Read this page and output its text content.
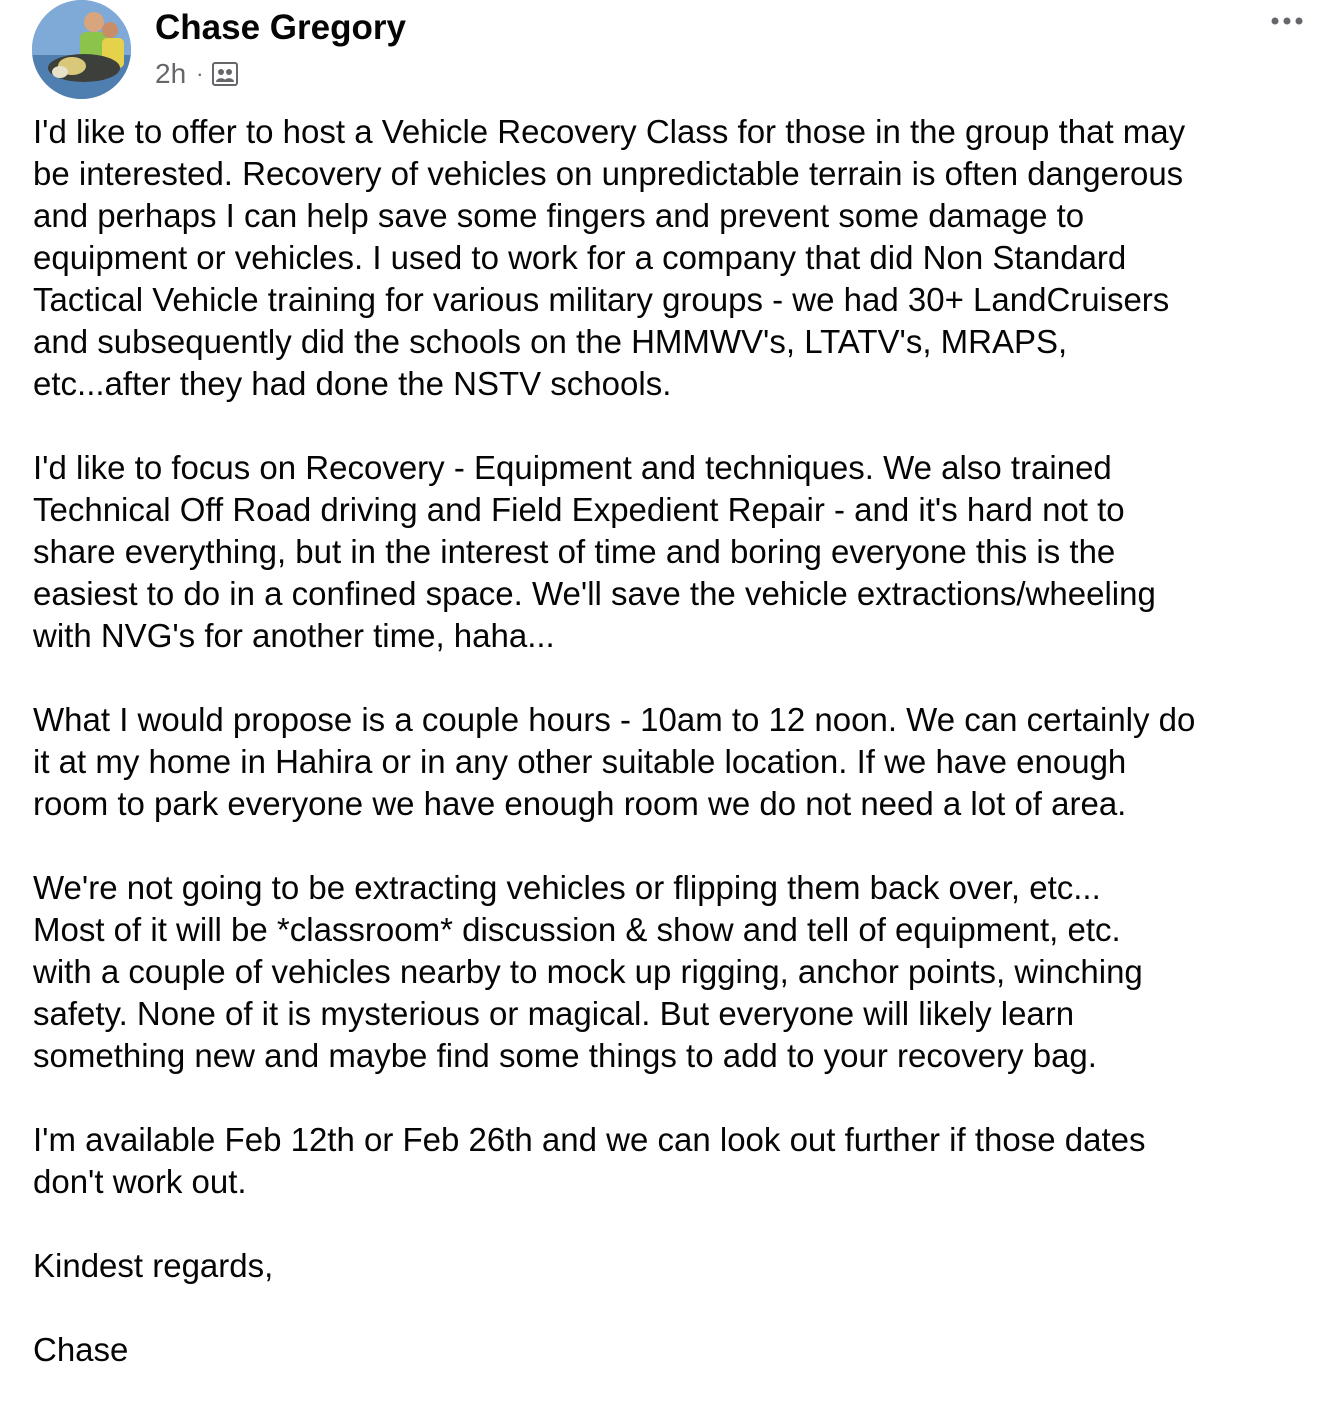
Chase Gregory
2h ·

I'd like to offer to host a Vehicle Recovery Class for those in the group that may
be interested. Recovery of vehicles on unpredictable terrain is often dangerous
and perhaps I can help save some fingers and prevent some damage to
equipment or vehicles. I used to work for a company that did Non Standard
Tactical Vehicle training for various military groups - we had 30+ LandCruisers
and subsequently did the schools on the HMMWV's, LTATV's, MRAPS,
etc...after they had done the NSTV schools.

I'd like to focus on Recovery - Equipment and techniques. We also trained
Technical Off Road driving and Field Expedient Repair - and it's hard not to
share everything, but in the interest of time and boring everyone this is the
easiest to do in a confined space. We'll save the vehicle extractions/wheeling
with NVG's for another time, haha...

What I would propose is a couple hours - 10am to 12 noon. We can certainly do
it at my home in Hahira or in any other suitable location. If we have enough
room to park everyone we have enough room we do not need a lot of area.

We're not going to be extracting vehicles or flipping them back over, etc...
Most of it will be *classroom* discussion & show and tell of equipment, etc.
with a couple of vehicles nearby to mock up rigging, anchor points, winching
safety. None of it is mysterious or magical. But everyone will likely learn
something new and maybe find some things to add to your recovery bag.

I'm available Feb 12th or Feb 26th and we can look out further if those dates
don't work out.

Kindest regards,

Chase
